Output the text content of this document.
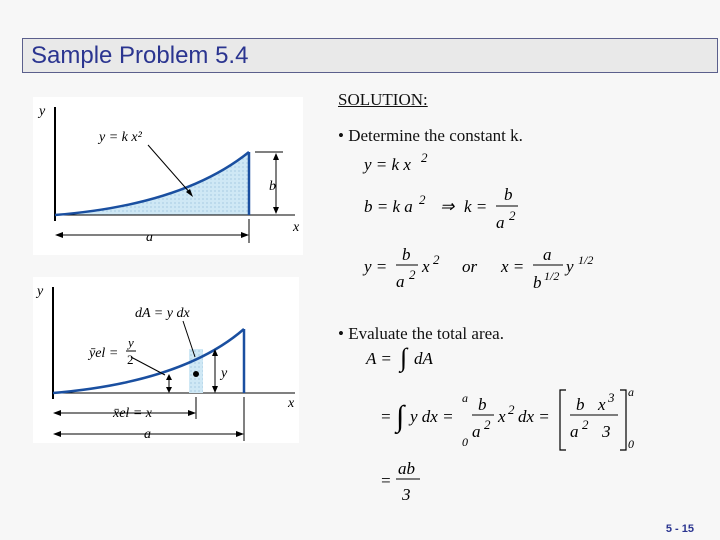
Sample Problem 5.4
y
x
y = k x²
b
a
y
x
dA = y dx
ȳel =
y
2
y
x̄el = x
a
SOLUTION:
• Determine the constant k.
y = k x 2
b = k a 2 ⇒ k =
b
a 2
y =
b
a 2 x 2 or x =
a
b 1/2 y 1/2
• Evaluate the total area.
A = ∫ dA
= ∫ y dx =
a
0
b
a 2 x 2 dx =
b x 3
a 2 3
a
0
=
ab
3
5 - 15
